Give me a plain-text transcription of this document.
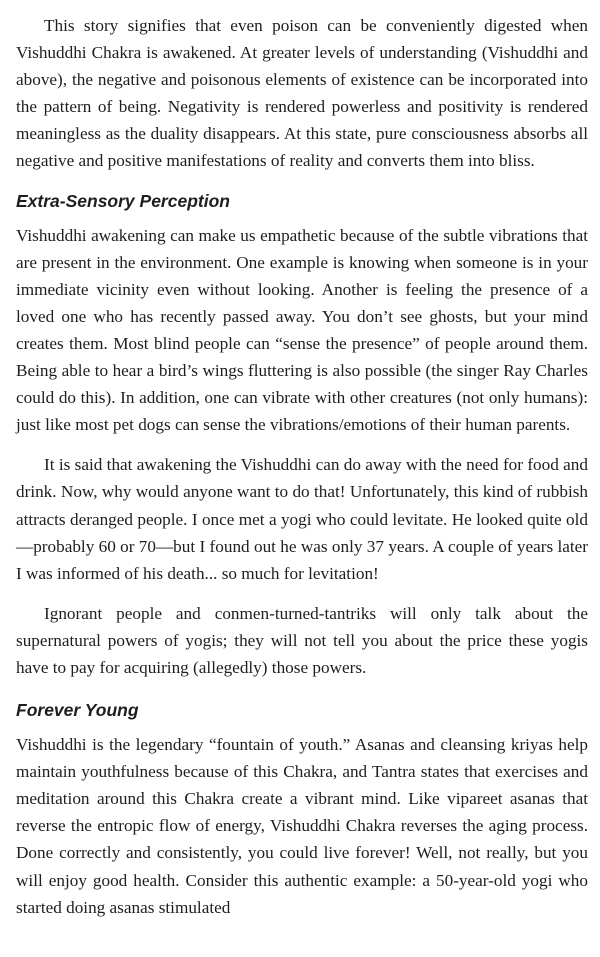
This story signifies that even poison can be conveniently digested when Vishuddhi Chakra is awakened. At greater levels of understanding (Vishuddhi and above), the negative and poisonous elements of existence can be incorporated into the pattern of being. Negativity is rendered powerless and positivity is rendered meaningless as the duality disappears. At this state, pure consciousness absorbs all negative and positive manifestations of reality and converts them into bliss.

Extra-Sensory Perception

Vishuddhi awakening can make us empathetic because of the subtle vibrations that are present in the environment. One example is knowing when someone is in your immediate vicinity even without looking. Another is feeling the presence of a loved one who has recently passed away. You don’t see ghosts, but your mind creates them. Most blind people can “sense the presence” of people around them. Being able to hear a bird’s wings fluttering is also possible (the singer Ray Charles could do this). In addition, one can vibrate with other creatures (not only humans): just like most pet dogs can sense the vibrations/emotions of their human parents.

It is said that awakening the Vishuddhi can do away with the need for food and drink. Now, why would anyone want to do that! Unfortunately, this kind of rubbish attracts deranged people. I once met a yogi who could levitate. He looked quite old—probably 60 or 70—but I found out he was only 37 years. A couple of years later I was informed of his death... so much for levitation!

Ignorant people and conmen-turned-tantriks will only talk about the supernatural powers of yogis; they will not tell you about the price these yogis have to pay for acquiring (allegedly) those powers.

Forever Young

Vishuddhi is the legendary “fountain of youth.” Asanas and cleansing kriyas help maintain youthfulness because of this Chakra, and Tantra states that exercises and meditation around this Chakra create a vibrant mind. Like vipareet asanas that reverse the entropic flow of energy, Vishuddhi Chakra reverses the aging process. Done correctly and consistently, you could live forever! Well, not really, but you will enjoy good health. Consider this authentic example: a 50-year-old yogi who started doing asanas stimulated
